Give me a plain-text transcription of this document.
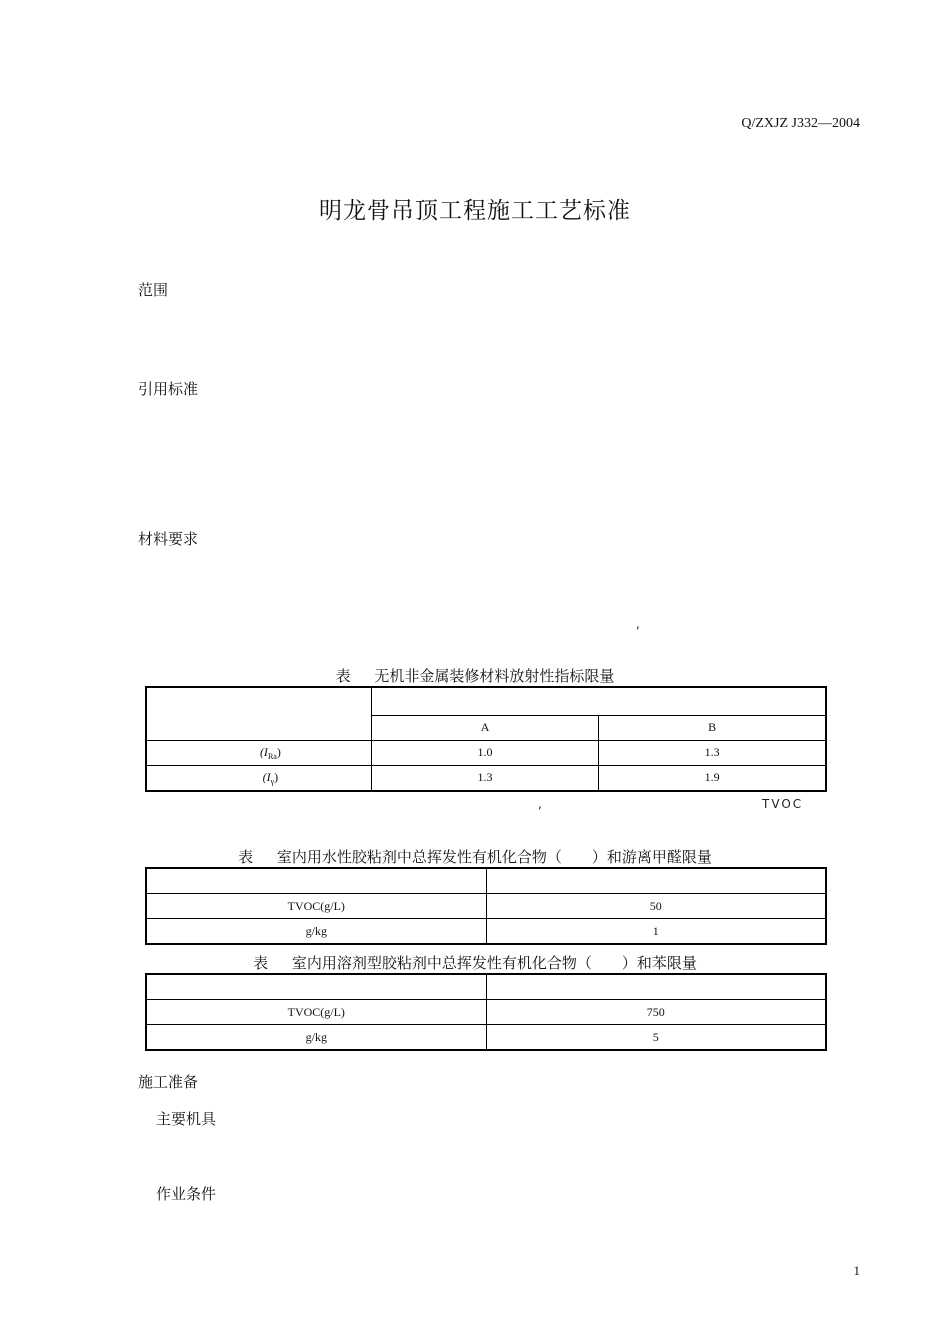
Q/ZXJZ J332—2004
明龙骨吊顶工程施工工艺标准
范围
引用标准
材料要求
,
表 无机非金属装修材料放射性指标限量

	A	B
$(I_{Ra})$	1.0	1.3
$(I_\gamma)$	1.3	1.9
,	TVOC
表 室内用水性胶粘剂中总挥发性有机化合物（　　）和游离甲醛限量

TVOC(g/L)	50
g/kg	1
表 室内用溶剂型胶粘剂中总挥发性有机化合物（　　）和苯限量

TVOC(g/L)	750
g/kg	5
施工准备
主要机具
作业条件
1
